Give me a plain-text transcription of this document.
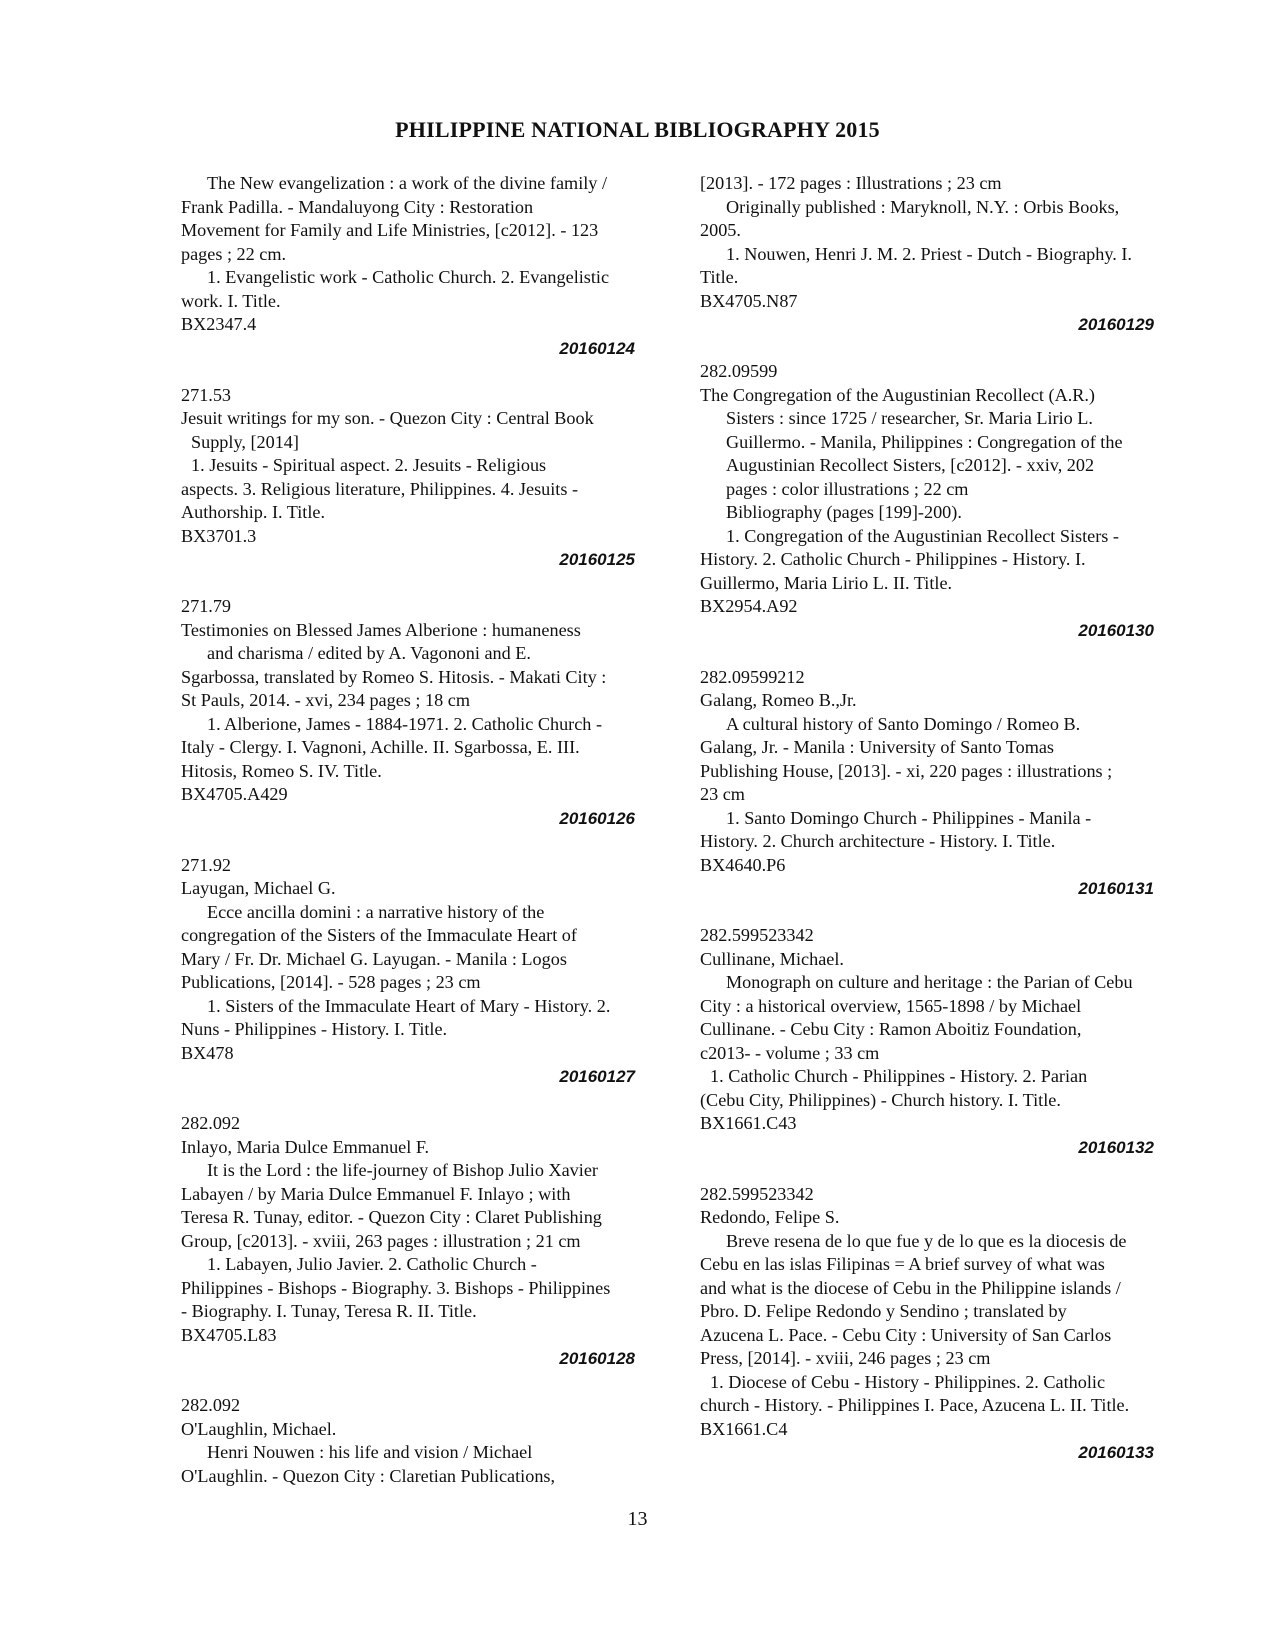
PHILIPPINE NATIONAL BIBLIOGRAPHY 2015
The New evangelization : a work of the divine family /
Frank Padilla. - Mandaluyong City : Restoration
Movement for Family and Life Ministries, [c2012]. - 123
pages ; 22 cm.
1. Evangelistic work - Catholic Church. 2. Evangelistic
work. I. Title.
BX2347.4
20160124
271.53
Jesuit writings for my son. - Quezon City : Central Book
Supply, [2014]
1. Jesuits - Spiritual aspect. 2. Jesuits - Religious
aspects. 3. Religious literature, Philippines. 4. Jesuits -
Authorship. I. Title.
BX3701.3
20160125
271.79
Testimonies on Blessed James Alberione : humaneness
and charisma / edited by A. Vagononi and E.
Sgarbossa, translated by Romeo S. Hitosis. - Makati City :
St Pauls, 2014. - xvi, 234 pages ; 18 cm
1. Alberione, James - 1884-1971. 2. Catholic Church -
Italy - Clergy. I. Vagnoni, Achille. II. Sgarbossa, E. III.
Hitosis, Romeo S. IV. Title.
BX4705.A429
20160126
271.92
Layugan, Michael G.
Ecce ancilla domini : a narrative history of the
congregation of the Sisters of the Immaculate Heart of
Mary / Fr. Dr. Michael G. Layugan. - Manila : Logos
Publications, [2014]. - 528 pages ; 23 cm
1. Sisters of the Immaculate Heart of Mary - History. 2.
Nuns - Philippines - History. I. Title.
BX478
20160127
282.092
Inlayo, Maria Dulce Emmanuel F.
It is the Lord : the life-journey of Bishop Julio Xavier
Labayen / by Maria Dulce Emmanuel F. Inlayo ; with
Teresa R. Tunay, editor. - Quezon City : Claret Publishing
Group, [c2013]. - xviii, 263 pages : illustration ; 21 cm
1. Labayen, Julio Javier. 2. Catholic Church -
Philippines - Bishops - Biography. 3. Bishops - Philippines
- Biography. I. Tunay, Teresa R. II. Title.
BX4705.L83
20160128
282.092
O'Laughlin, Michael.
Henri Nouwen : his life and vision / Michael
O'Laughlin. - Quezon City : Claretian Publications,
[2013]. - 172 pages : Illustrations ; 23 cm
Originally published : Maryknoll, N.Y. : Orbis Books,
2005.
1. Nouwen, Henri J. M. 2. Priest - Dutch - Biography. I.
Title.
BX4705.N87
20160129
282.09599
The Congregation of the Augustinian Recollect (A.R.)
Sisters : since 1725 / researcher, Sr. Maria Lirio L.
Guillermo. - Manila, Philippines : Congregation of the
Augustinian Recollect Sisters, [c2012]. - xxiv, 202
pages : color illustrations ; 22 cm
Bibliography (pages [199]-200).
1. Congregation of the Augustinian Recollect Sisters -
History. 2. Catholic Church - Philippines - History. I.
Guillermo, Maria Lirio L. II. Title.
BX2954.A92
20160130
282.09599212
Galang, Romeo B.,Jr.
A cultural history of Santo Domingo / Romeo B.
Galang, Jr. - Manila : University of Santo Tomas
Publishing House, [2013]. - xi, 220 pages : illustrations ;
23 cm
1. Santo Domingo Church - Philippines - Manila -
History. 2. Church architecture - History. I. Title.
BX4640.P6
20160131
282.599523342
Cullinane, Michael.
Monograph on culture and heritage : the Parian of Cebu
City : a historical overview, 1565-1898 / by Michael
Cullinane. - Cebu City : Ramon Aboitiz Foundation,
c2013- - volume ; 33 cm
1. Catholic Church - Philippines - History. 2. Parian
(Cebu City, Philippines) - Church history. I. Title.
BX1661.C43
20160132
282.599523342
Redondo, Felipe S.
Breve resena de lo que fue y de lo que es la diocesis de
Cebu en las islas Filipinas = A brief survey of what was
and what is the diocese of Cebu in the Philippine islands /
Pbro. D. Felipe Redondo y Sendino ; translated by
Azucena L. Pace. - Cebu City : University of San Carlos
Press, [2014]. - xviii, 246 pages ; 23 cm
1. Diocese of Cebu - History - Philippines. 2. Catholic
church - History. - Philippines I. Pace, Azucena L. II. Title.
BX1661.C4
20160133
13
